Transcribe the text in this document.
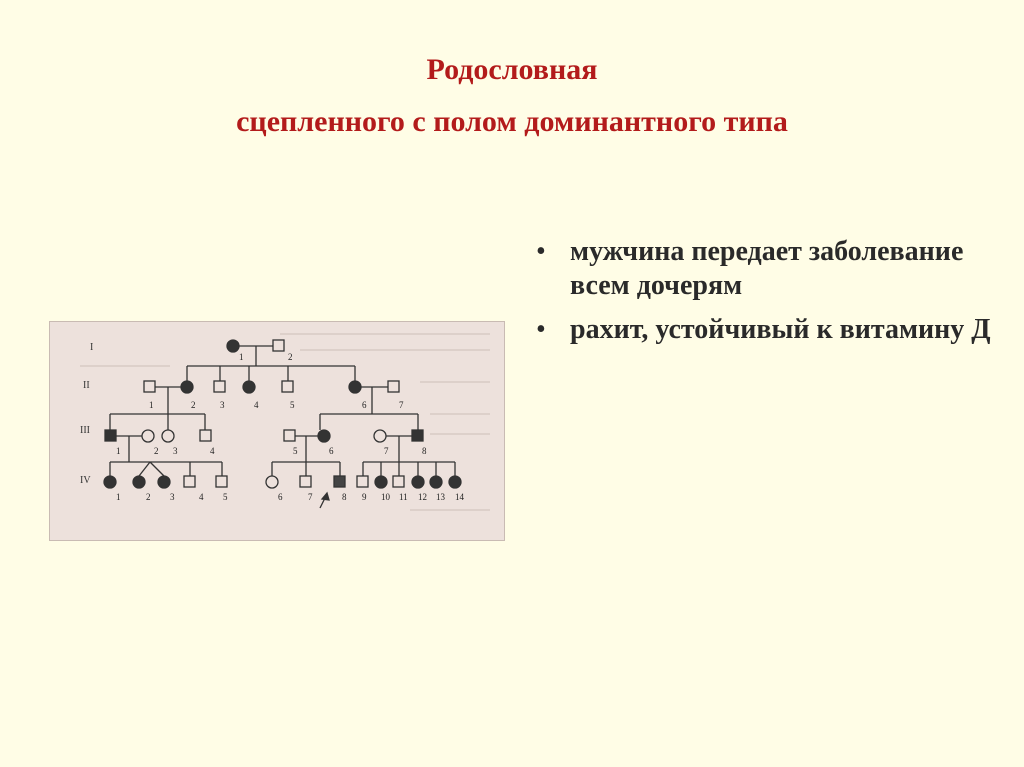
Родословная
сцепленного с полом доминантного типа
• мужчина передает заболевание всем дочерям
• рахит, устойчивый к витамину Д
I
II
III
IV
1	2
1	2	3	4	5	6	7
1	2 3	4	5	6	7	8
1	2 3	4 5	6	7	8 9 10 11 12 13 14
